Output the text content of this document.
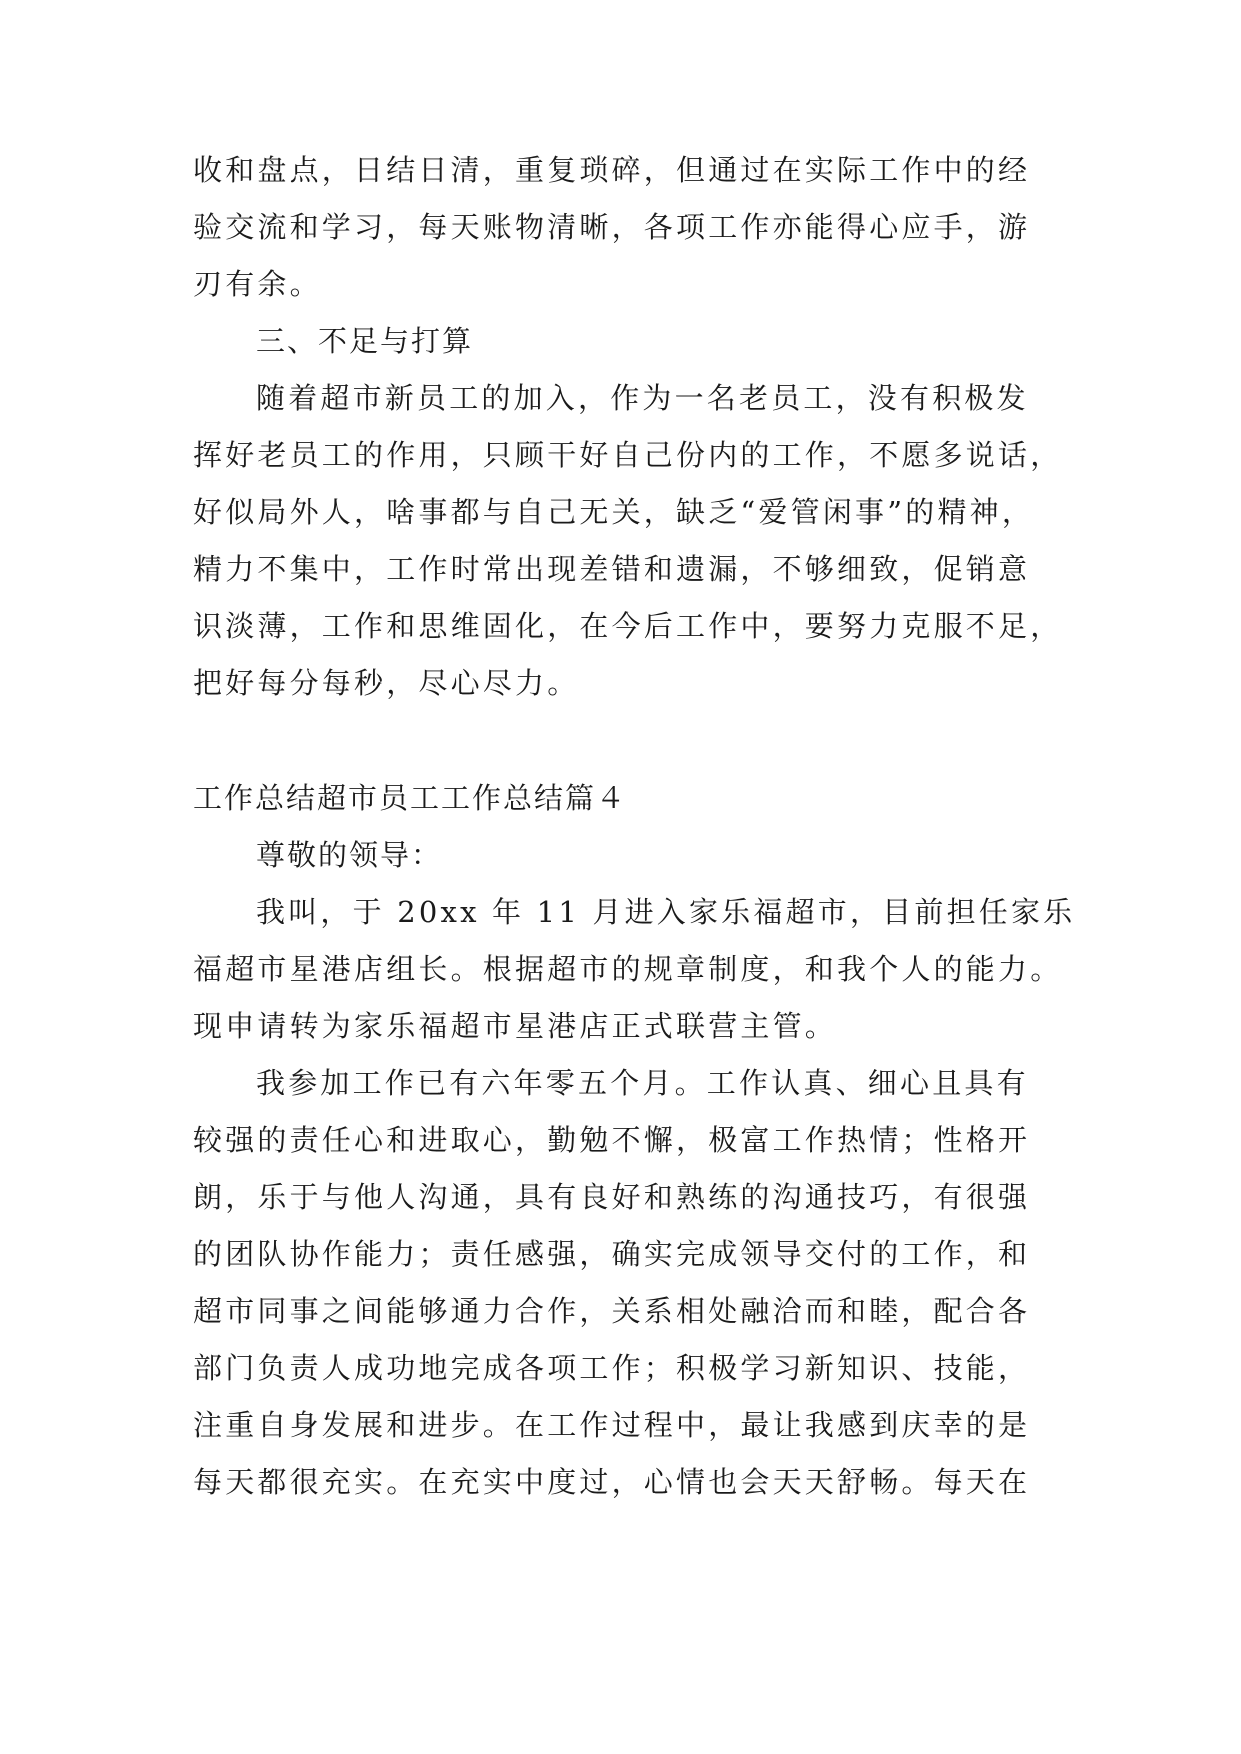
收和盘点，日结日清，重复琐碎，但通过在实际工作中的经
验交流和学习，每天账物清晰，各项工作亦能得心应手，游
刃有余。
三、不足与打算
随着超市新员工的加入，作为一名老员工，没有积极发
挥好老员工的作用，只顾干好自己份内的工作，不愿多说话，
好似局外人，啥事都与自己无关，缺乏“爱管闲事”的精神，
精力不集中，工作时常出现差错和遗漏，不够细致，促销意
识淡薄，工作和思维固化，在今后工作中，要努力克服不足，
把好每分每秒，尽心尽力。
工作总结超市员工工作总结篇４
尊敬的领导：
我叫，于 20xx 年 11 月进入家乐福超市，目前担任家乐
福超市星港店组长。根据超市的规章制度，和我个人的能力。
现申请转为家乐福超市星港店正式联营主管。
我参加工作已有六年零五个月。工作认真、细心且具有
较强的责任心和进取心，勤勉不懈，极富工作热情；性格开
朗，乐于与他人沟通，具有良好和熟练的沟通技巧，有很强
的团队协作能力；责任感强，确实完成领导交付的工作，和
超市同事之间能够通力合作，关系相处融洽而和睦，配合各
部门负责人成功地完成各项工作；积极学习新知识、技能，
注重自身发展和进步。在工作过程中，最让我感到庆幸的是
每天都很充实。在充实中度过，心情也会天天舒畅。每天在
